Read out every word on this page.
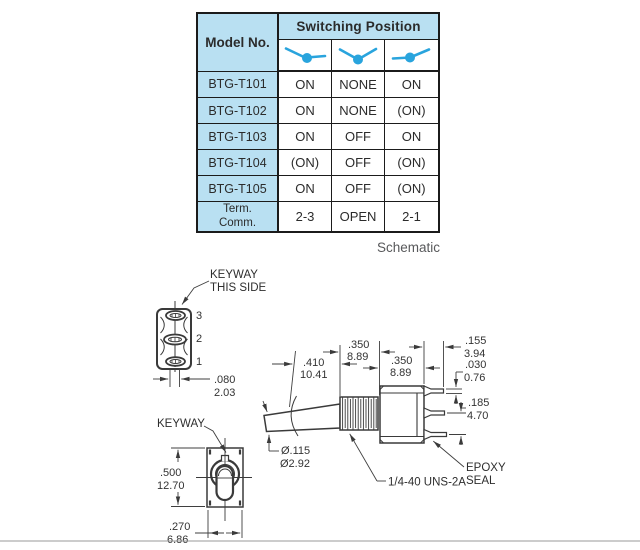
Model No.	Switching Position		

BTG-T101	ON	NONE	ON
BTG-T102	ON	NONE	(ON)
BTG-T103	ON	OFF	ON
BTG-T104	(ON)	OFF	(ON)
BTG-T105	ON	OFF	(ON)

Term.
Comm.	2-3	OPEN	2-1
Schematic
3
2
1
KEYWAY
THIS SIDE
.080
2.03
KEYWAY
.500
12.70
.270
6.86
.410
10.41
.350
8.89 .350
8.89
.155
3.94
.030
0.76
.185
4.70
Ø.115
Ø2.92
1/4-40 UNS-2A
EPOXY
SEAL
